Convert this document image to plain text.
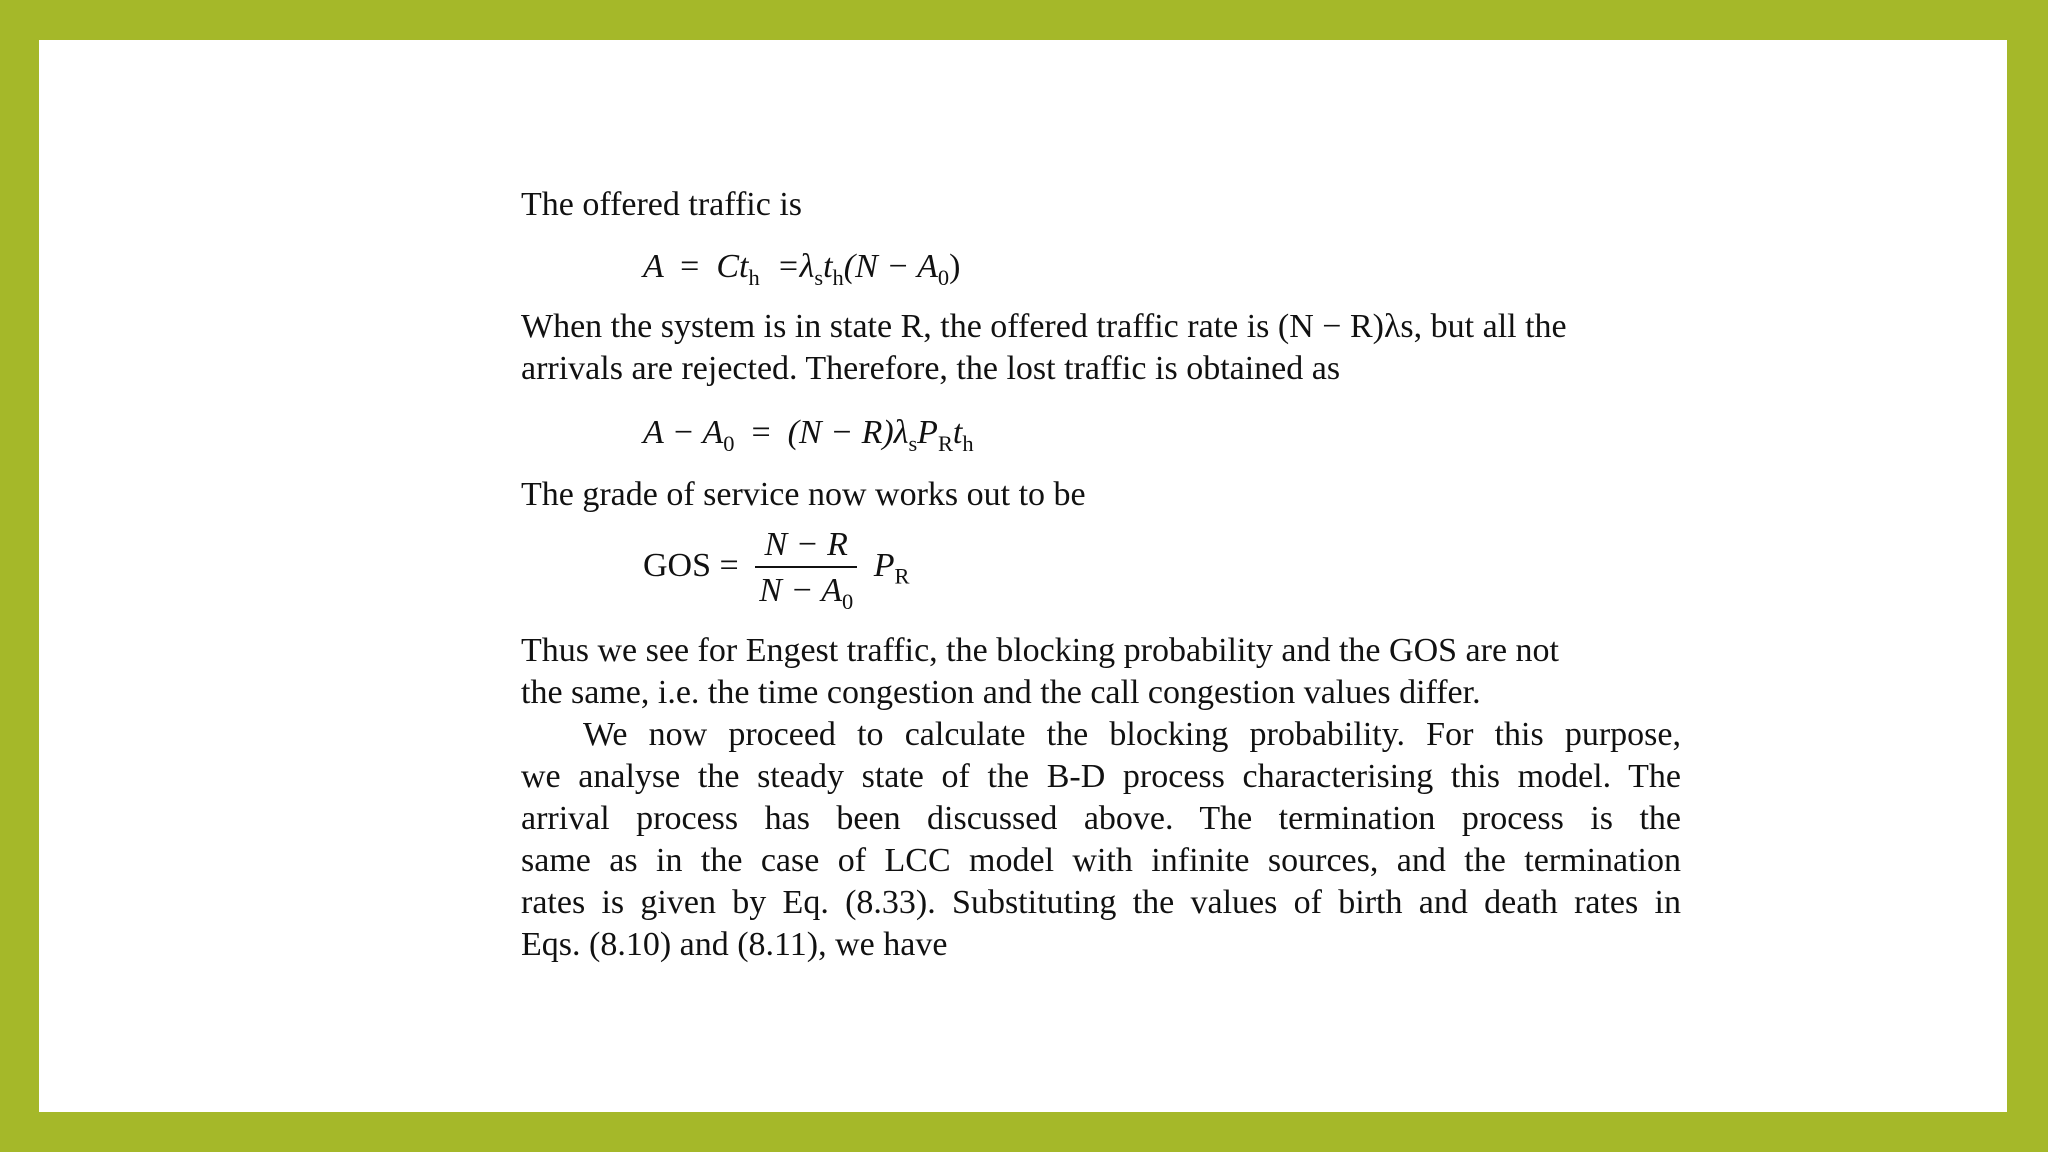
The offered traffic is
$A = Ct_h =\lambda_st_h(N - A_0)$
When the system is in state R, the offered traffic rate is (N − R)λs, but all the
arrivals are rejected. Therefore, the lost traffic is obtained as
$A - A_0 = (N - R)\lambda_sP_Rt_h$
The grade of service now works out to be
GOS = $\frac{N - R}{N - A_0} P_R$
Thus we see for Engest traffic, the blocking probability and the GOS are not
the same, i.e. the time congestion and the call congestion values differ.
We now proceed to calculate the blocking probability. For this purpose,
we analyse the steady state of the B-D process characterising this model. The
arrival process has been discussed above. The termination process is the
same as in the case of LCC model with infinite sources, and the termination
rates is given by Eq. (8.33). Substituting the values of birth and death rates in
Eqs. (8.10) and (8.11), we have
